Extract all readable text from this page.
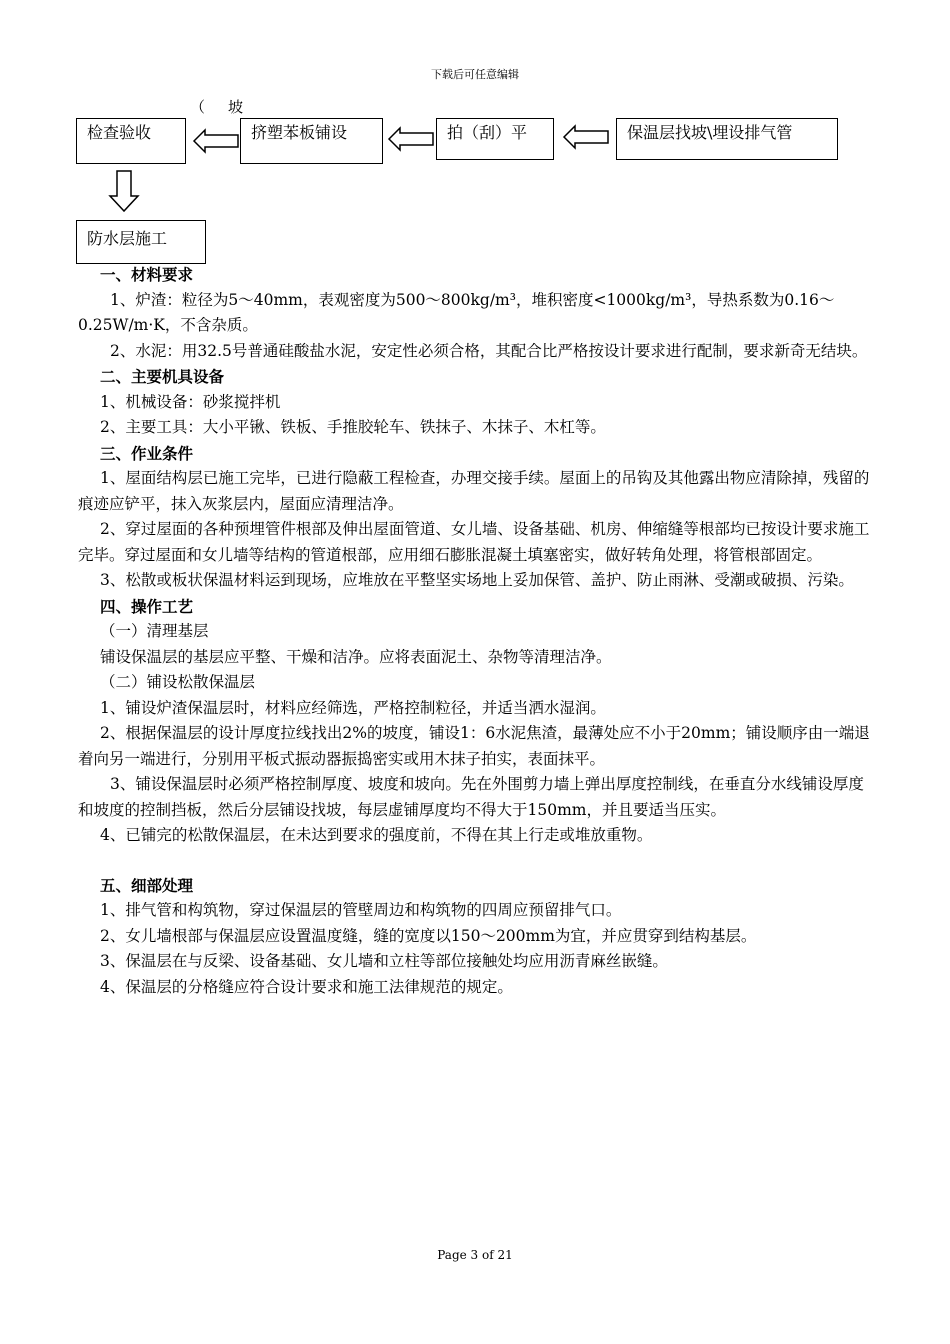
下载后可任意编辑
（ 坡
检查验收	挤塑苯板铺设	拍（刮）平	保温层找坡\埋设排气管
防水层施工

一、材料要求

1、炉渣：粒径为5～40mm，表观密度为500～800kg/m³，堆积密度<1000kg/m³，导热系数为0.16～0.25W/m·K，不含杂质。

2、水泥：用32.5号普通硅酸盐水泥，安定性必须合格，其配合比严格按设计要求进行配制，要求新奇无结块。

二、主要机具设备

1、机械设备：砂浆搅拌机

2、主要工具：大小平锹、铁板、手推胶轮车、铁抹子、木抹子、木杠等。

三、作业条件

1、屋面结构层已施工完毕，已进行隐蔽工程检查，办理交接手续。屋面上的吊钩及其他露出物应清除掉，残留的痕迹应铲平，抹入灰浆层内，屋面应清理洁净。

2、穿过屋面的各种预埋管件根部及伸出屋面管道、女儿墙、设备基础、机房、伸缩缝等根部均已按设计要求施工完毕。穿过屋面和女儿墙等结构的管道根部，应用细石膨胀混凝土填塞密实，做好转角处理，将管根部固定。

3、松散或板状保温材料运到现场，应堆放在平整坚实场地上妥加保管、盖护、防止雨淋、受潮或破损、污染。

四、操作工艺

（一）清理基层

铺设保温层的基层应平整、干燥和洁净。应将表面泥土、杂物等清理洁净。

（二）铺设松散保温层

1、铺设炉渣保温层时，材料应经筛选，严格控制粒径，并适当洒水湿润。

2、根据保温层的设计厚度拉线找出2%的坡度，铺设1：6水泥焦渣，最薄处应不小于20mm；铺设顺序由一端退着向另一端进行，分别用平板式振动器振捣密实或用木抹子拍实，表面抹平。

3、铺设保温层时必须严格控制厚度、坡度和坡向。先在外围剪力墙上弹出厚度控制线，在垂直分水线铺设厚度和坡度的控制挡板，然后分层铺设找坡，每层虚铺厚度均不得大于150mm，并且要适当压实。

4、已铺完的松散保温层，在未达到要求的强度前，不得在其上行走或堆放重物。

五、细部处理

1、排气管和构筑物，穿过保温层的管壁周边和构筑物的四周应预留排气口。

2、女儿墙根部与保温层应设置温度缝，缝的宽度以150～200mm为宜，并应贯穿到结构基层。

3、保温层在与反梁、设备基础、女儿墙和立柱等部位接触处均应用沥青麻丝嵌缝。

4、保温层的分格缝应符合设计要求和施工法律规范的规定。

Page 3 of 21
